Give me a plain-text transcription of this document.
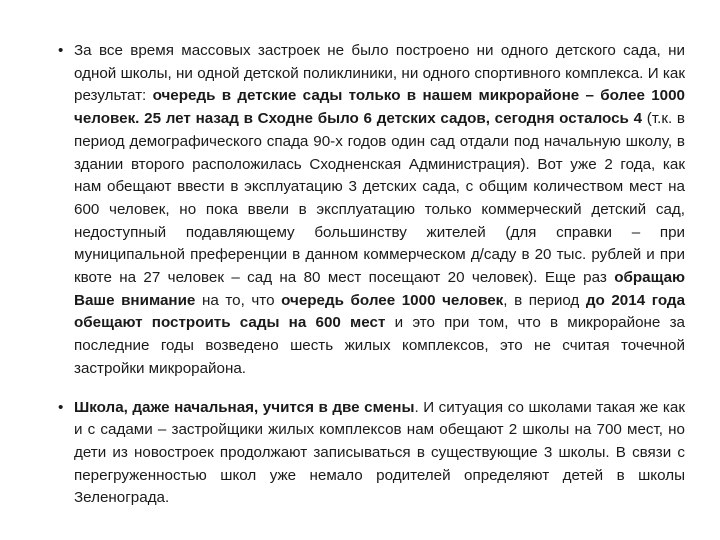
• За все время массовых застроек не было построено ни одного детского сада, ни одной школы, ни одной детской поликлиники, ни одного спортивного комплекса. И как результат: очередь в детские сады только в нашем микрорайоне – более 1000 человек. 25 лет назад в Сходне было 6 детских садов, сегодня осталось 4 (т.к. в период демографического спада 90-х годов один сад отдали под начальную школу, в здании второго расположилась Сходненская Администрация). Вот уже 2 года, как нам обещают ввести в эксплуатацию 3 детских сада, с общим количеством мест на 600 человек, но пока ввели в эксплуатацию только коммерческий детский сад, недоступный подавляющему большинству жителей (для справки – при муниципальной преференции в данном коммерческом д/саду в 20 тыс. рублей и при квоте на 27 человек – сад на 80 мест посещают 20 человек). Еще раз обращаю Ваше внимание на то, что очередь более 1000 человек, в период до 2014 года обещают построить сады на 600 мест и это при том, что в микрорайоне за последние годы возведено шесть жилых комплексов, это не считая точечной застройки микрорайона.

• Школа, даже начальная, учится в две смены. И ситуация со школами такая же как и с садами – застройщики жилых комплексов нам обещают 2 школы на 700 мест, но дети из новостроек продолжают записываться в существующие 3 школы. В связи с перегруженностью школ уже немало родителей определяют детей в школы Зеленограда.
